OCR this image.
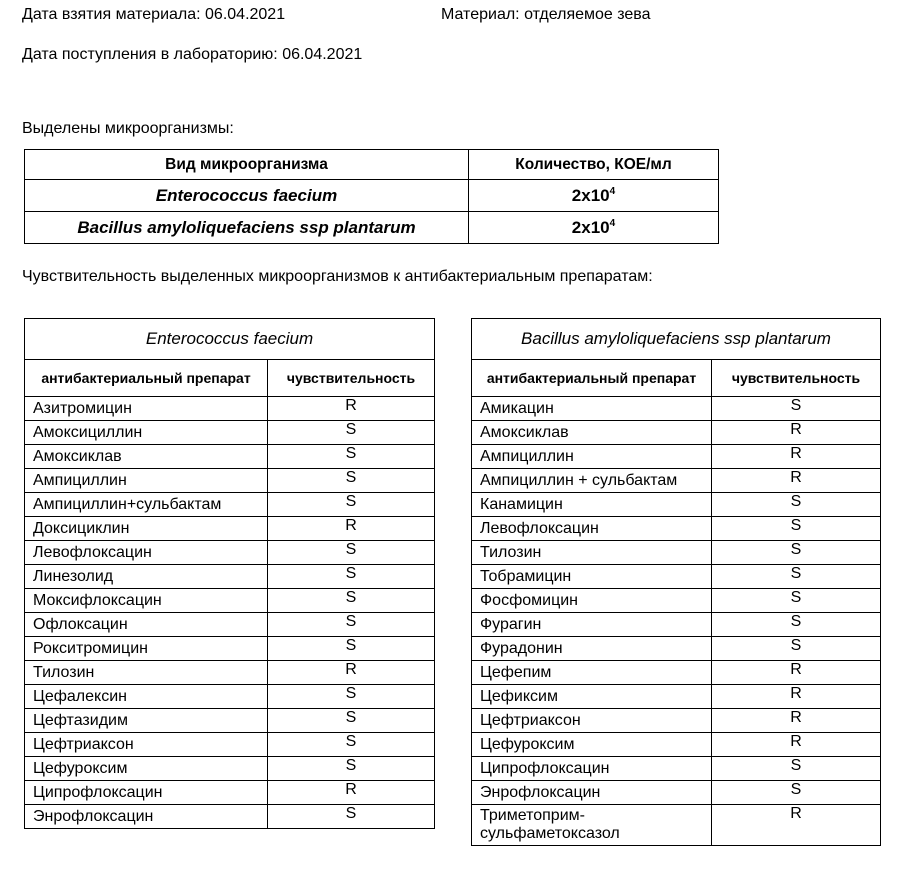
Дата взятия материала: 06.04.2021	Материал: отделяемое зева
Дата поступления в лабораторию: 06.04.2021
Выделены микроорганизмы:
Вид микроорганизма	Количество, КОЕ/мл
Enterococcus faecium	$2x10^4$
Bacillus amyloliquefaciens ssp plantarum	$2x10^4$
Чувствительность выделенных микроорганизмов к антибактериальным препаратам:
Enterococcus faecium	
антибактериальный препарат	чувствительность
Азитромицин	R
Амоксициллин	S
Амоксиклав	S
Ампициллин	S
Ампициллин+сульбактам	S
Доксициклин	R
Левофлоксацин	S
Линезолид	S
Моксифлоксацин	S
Офлоксацин	S
Рокситромицин	S
Тилозин	R
Цефалексин	S
Цефтазидим	S
Цефтриаксон	S
Цефуроксим	S
Ципрофлоксацин	R
Энрофлоксацин	S
Bacillus amyloliquefaciens ssp plantarum	
антибактериальный препарат	чувствительность
Амикацин	S
Амоксиклав	R
Ампициллин	R
Ампициллин + сульбактам	R
Канамицин	S
Левофлоксацин	S
Тилозин	S
Тобрамицин	S
Фосфомицин	S
Фурагин	S
Фурадонин	S
Цефепим	R
Цефиксим	R
Цефтриаксон	R
Цефуроксим	R
Ципрофлоксацин	S
Энрофлоксацин	S
Триметоприм-сульфаметоксазол	R
